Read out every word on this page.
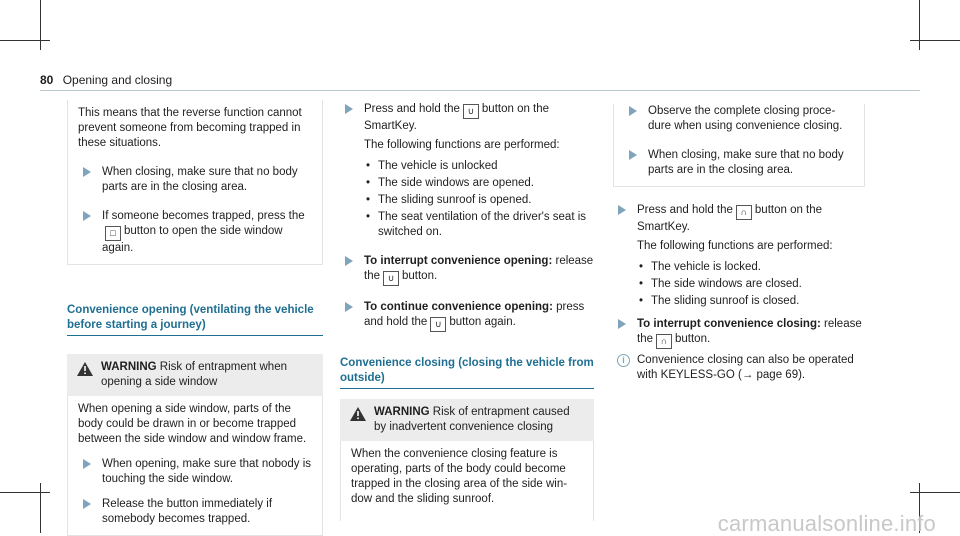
80 Opening and closing

This means that the reverse function cannot prevent someone from becoming trapped in these situations.

When closing, make sure that no body parts are in the closing area.
If someone becomes trapped, press the□ button to open the side window again.
Convenience opening (ventilating the vehicle before starting a journey)
WARNING Risk of entrapment when opening a side window

When opening a side window, parts of the body could be drawn in or become trapped between the side window and window frame.

When opening, make sure that nobody is touching the side window.
Release the button immediately if somebody becomes trapped.
Press and hold the ∪ button on the SmartKey.

The following functions are performed:

• The vehicle is unlocked
• The side windows are opened.
• The sliding sunroof is opened.
• The seat ventilation of the driver's seat is switched on.
To interrupt convenience opening: release the ∪ button.
To continue convenience opening: press and hold the ∪ button again.
Convenience closing (closing the vehicle from outside)
WARNING Risk of entrapment caused by inadvertent convenience closing

When the convenience closing feature is operating, parts of the body could become trapped in the closing area of the side win-dow and the sliding sunroof.

Observe the complete closing proce-dure when using convenience closing.
When closing, make sure that no body parts are in the closing area.
Press and hold the ∩ button on the SmartKey.

The following functions are performed:

• The vehicle is locked.
• The side windows are closed.
• The sliding sunroof is closed.
To interrupt convenience closing: release the ∩ button.
i	Convenience closing can also be operated with KEYLESS-GO (→ page 69).
carmanualsonline.info
